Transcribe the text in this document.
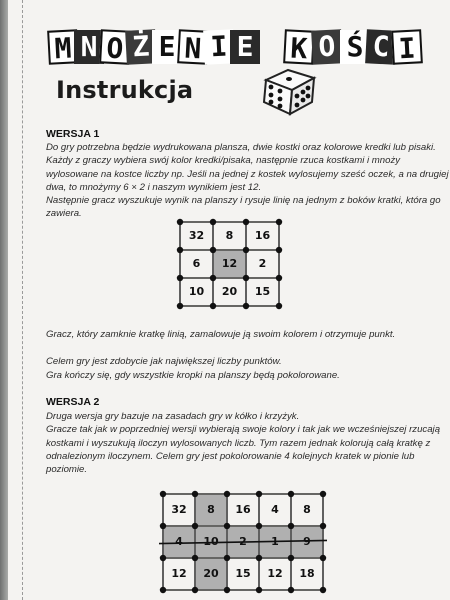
M N O Ż E N I E K O Ś C I
Instrukcja
WERSJA 1
Do gry potrzebna będzie wydrukowana plansza, dwie kostki oraz kolorowe kredki lub pisaki.
Każdy z graczy wybiera swój kolor kredki/pisaka, następnie rzuca kostkami i mnoży
wylosowane na kostce liczby np. Jeśli na jednej z kostek wylosujemy sześć oczek, a na drugiej
dwa, to mnożymy 6 × 2 i naszym wynikiem jest 12.
Następnie gracz wyszukuje wynik na planszy i rysuje linię na jednym z boków kratki, która go
zawiera.
32	8	16
6	12	2
10	20	15
Gracz, który zamknie kratkę linią, zamalowuje ją swoim kolorem i otrzymuje punkt.
Celem gry jest zdobycie jak największej liczby punktów.
Gra kończy się, gdy wszystkie kropki na planszy będą pokolorowane.
WERSJA 2
Druga wersja gry bazuje na zasadach gry w kółko i krzyżyk.
Gracze tak jak w poprzedniej wersji wybierają swoje kolory i tak jak we wcześniejszej rzucają
kostkami i wyszukują iloczyn wylosowanych liczb. Tym razem jednak kolorują całą kratkę z
odnalezionym iloczynem. Celem gry jest pokolorowanie 4 kolejnych kratek w pionie lub
poziomie.
32	8	16	4	8
4	10	2	1	9
12	20	15	12	18
